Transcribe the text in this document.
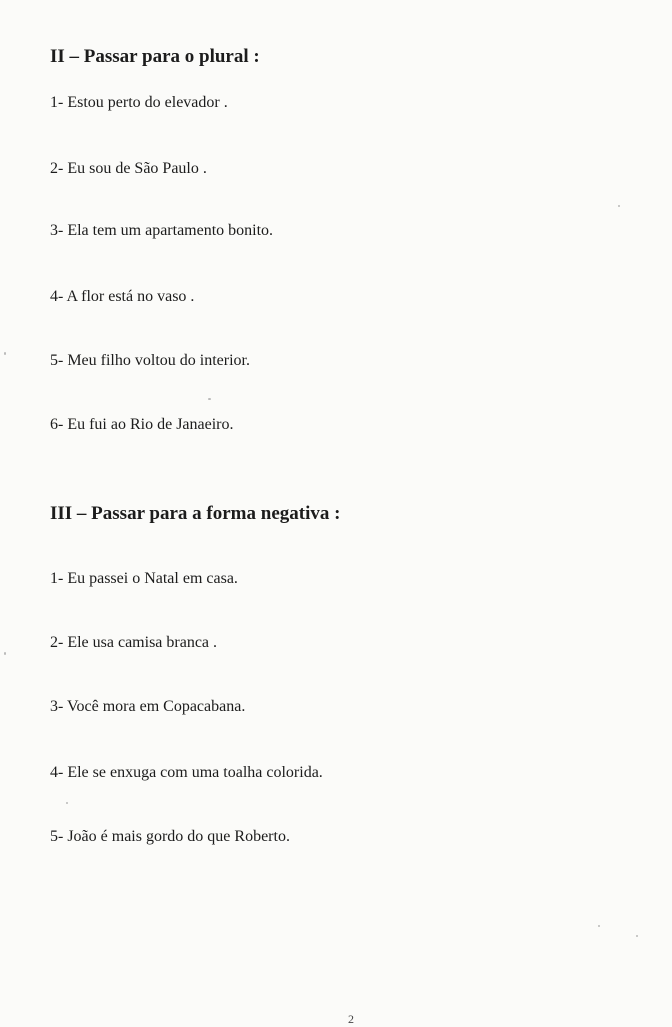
II – Passar para o plural :

1- Estou perto do elevador .

2- Eu sou de São Paulo .

3- Ela tem um apartamento bonito.

4- A flor está no vaso .

5- Meu filho voltou do interior.

6- Eu fui ao Rio de Janaeiro.

III – Passar para a forma negativa :

1- Eu passei o Natal em casa.

2- Ele usa camisa branca .

3- Você mora em Copacabana.

4- Ele se enxuga com uma toalha colorida.

5- João é mais gordo do que Roberto.

2
